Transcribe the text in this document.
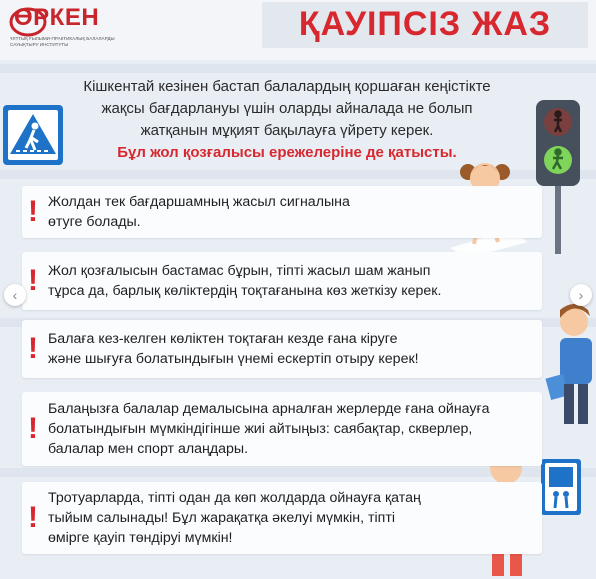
ӨРКЕН
ҰЛТТЫҚ ҒЫЛЫМИ-ПРАКТИКАЛЫҚ БАЛАЛАРДЫ САУЫҚТЫРУ ИНСТИТУТЫ
ҚАУІПСІЗ ЖАЗ
Кішкентай кезінен бастап балалардың қоршаған кеңістікте
жақсы бағдарлануы үшін оларды айналада не болып
жатқанын мұқият бақылауға үйрету керек.
Бұл жол қозғалысы ережелеріне де қатысты.
! Жолдан тек бағдаршамның жасыл сигналына
өтуге болады.
! Жол қозғалысын бастамас бұрын, тіпті жасыл шам жанып
тұрса да, барлық көліктердің тоқтағанына көз жеткізу керек.
! Балаға кез-келген көліктен тоқтаған кезде ғана кіруге
және шығуға болатындығын үнемі ескертіп отыру керек!
!
Балаңызға балалар демалысына арналған жерлерде ғана ойнауға
болатындығын мүмкіндігінше жиі айтыңыз: саябақтар, скверлер,
балалар мен спорт алаңдары.
!
Тротуарларда, тіпті одан да көп жолдарда ойнауға қатаң
тыйым салынады! Бұл жарақатқа әкелуі мүмкін, тіпті
өмірге қауіп төндіруі мүмкін!
‹	›
